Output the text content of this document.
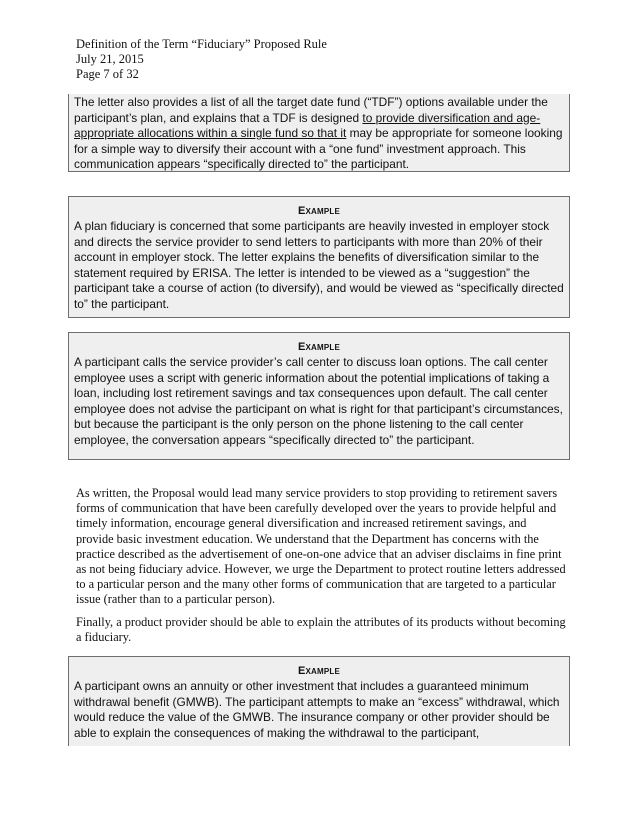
Definition of the Term “Fiduciary” Proposed Rule
July 21, 2015
Page 7 of 32

The letter also provides a list of all the target date fund (“TDF”) options available under the participant’s plan, and explains that a TDF is designed to provide diversification and age-appropriate allocations within a single fund so that it may be appropriate for someone looking for a simple way to diversify their account with a “one fund” investment approach. This communication appears “specifically directed to” the participant.

Example

A plan fiduciary is concerned that some participants are heavily invested in employer stock and directs the service provider to send letters to participants with more than 20% of their account in employer stock. The letter explains the benefits of diversification similar to the statement required by ERISA. The letter is intended to be viewed as a “suggestion” the participant take a course of action (to diversify), and would be viewed as “specifically directed to” the participant.

Example

A participant calls the service provider’s call center to discuss loan options. The call center employee uses a script with generic information about the potential implications of taking a loan, including lost retirement savings and tax consequences upon default. The call center employee does not advise the participant on what is right for that participant’s circumstances, but because the participant is the only person on the phone listening to the call center employee, the conversation appears “specifically directed to” the participant.

As written, the Proposal would lead many service providers to stop providing to retirement savers forms of communication that have been carefully developed over the years to provide helpful and timely information, encourage general diversification and increased retirement savings, and provide basic investment education. We understand that the Department has concerns with the practice described as the advertisement of one-on-one advice that an adviser disclaims in fine print as not being fiduciary advice. However, we urge the Department to protect routine letters addressed to a particular person and the many other forms of communication that are targeted to a particular issue (rather than to a particular person).

Finally, a product provider should be able to explain the attributes of its products without becoming a fiduciary.

Example

A participant owns an annuity or other investment that includes a guaranteed minimum withdrawal benefit (GMWB). The participant attempts to make an “excess” withdrawal, which would reduce the value of the GMWB. The insurance company or other provider should be able to explain the consequences of making the withdrawal to the participant,
